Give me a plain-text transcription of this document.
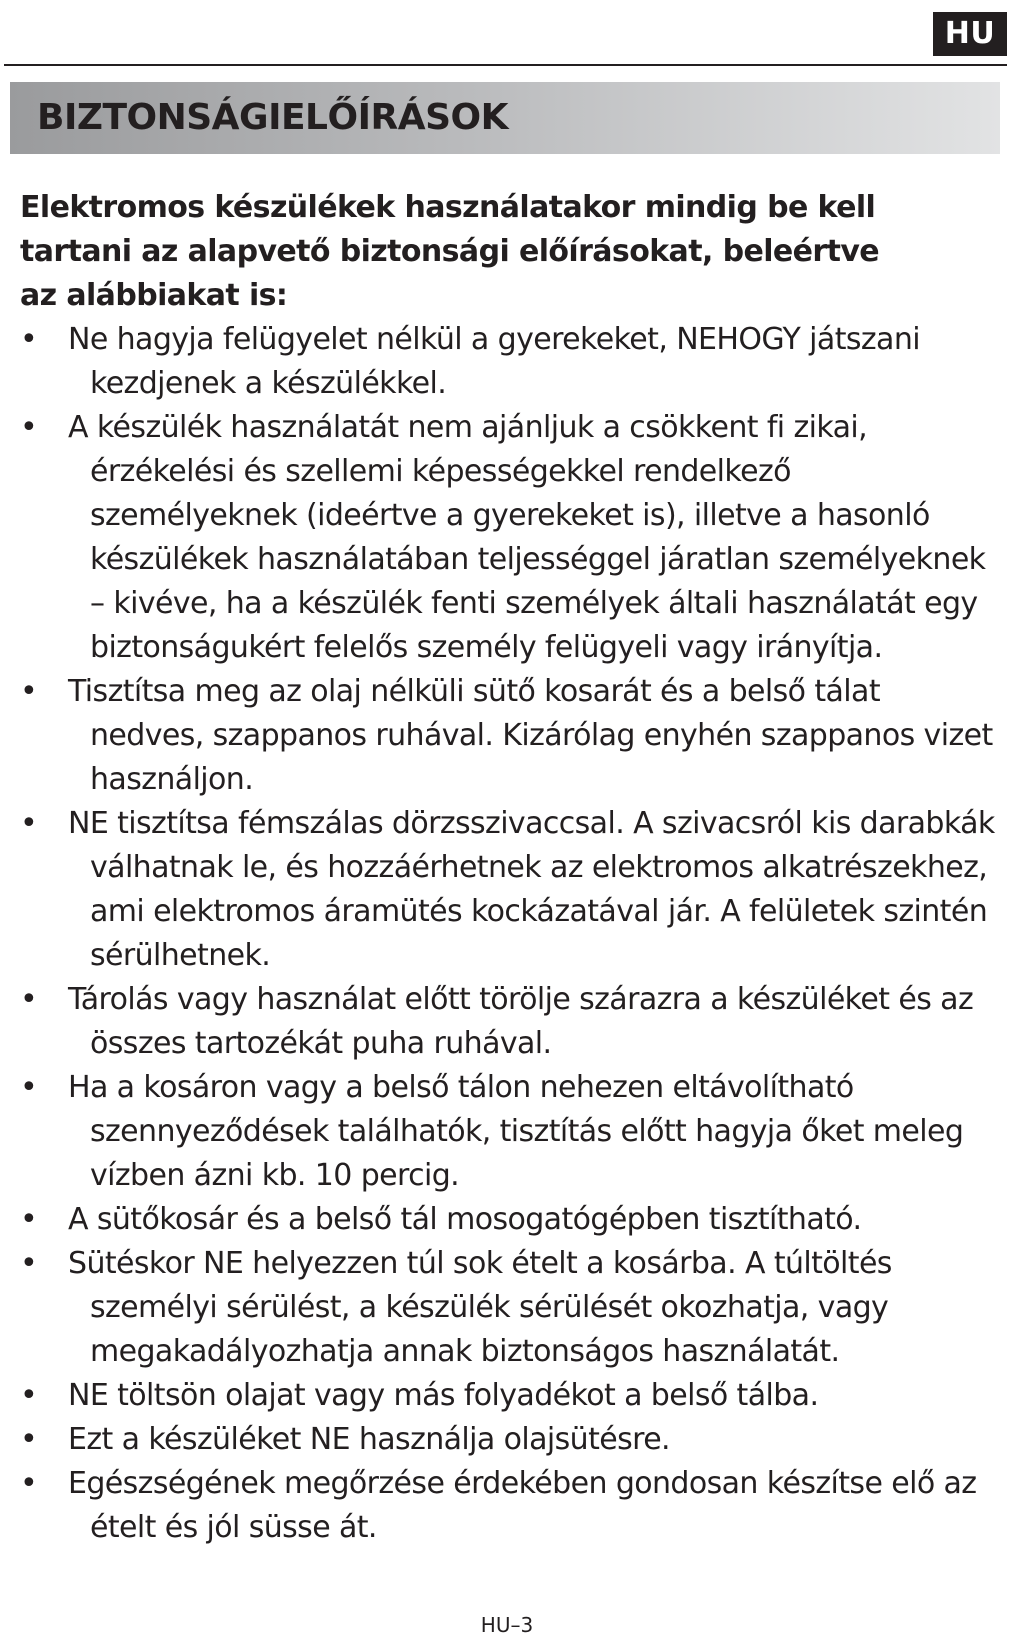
HU
BIZTONSÁGIELŐÍRÁSOK

Elektromos készülékek használatakor mindig be kell tartani az alapvető biztonsági előírásokat, beleértve az alábbiakat is:

• Ne hagyja felügyelet nélkül a gyerekeket, NEHOGY játszani kezdjenek a készülékkel.
• A készülék használatát nem ajánljuk a csökkent fi zikai, érzékelési és szellemi képességekkel rendelkező személyeknek (ideértve a gyerekeket is), illetve a hasonló készülékek használatában teljességgel járatlan személyeknek – kivéve, ha a készülék fenti személyek általi használatát egy biztonságukért felelős személy felügyeli vagy irányítja.
• Tisztítsa meg az olaj nélküli sütő kosarát és a belső tálat nedves, szappanos ruhával. Kizárólag enyhén szappanos vizet használjon.
• NE tisztítsa fémszálas dörzsszivaccsal. A szivacsról kis darabkák válhatnak le, és hozzáérhetnek az elektromos alkatrészekhez, ami elektromos áramütés kockázatával jár. A felületek szintén sérülhetnek.
• Tárolás vagy használat előtt törölje szárazra a készüléket és az összes tartozékát puha ruhával.
• Ha a kosáron vagy a belső tálon nehezen eltávolítható szennyeződések találhatók, tisztítás előtt hagyja őket meleg vízben ázni kb. 10 percig.
• A sütőkosár és a belső tál mosogatógépben tisztítható.
• Sütéskor NE helyezzen túl sok ételt a kosárba. A túltöltés személyi sérülést, a készülék sérülését okozhatja, vagy megakadályozhatja annak biztonságos használatát.
• NE töltsön olajat vagy más folyadékot a belső tálba.
• Ezt a készüléket NE használja olajsütésre.
• Egészségének megőrzése érdekében gondosan készítse elő az ételt és jól süsse át.
HU–3
